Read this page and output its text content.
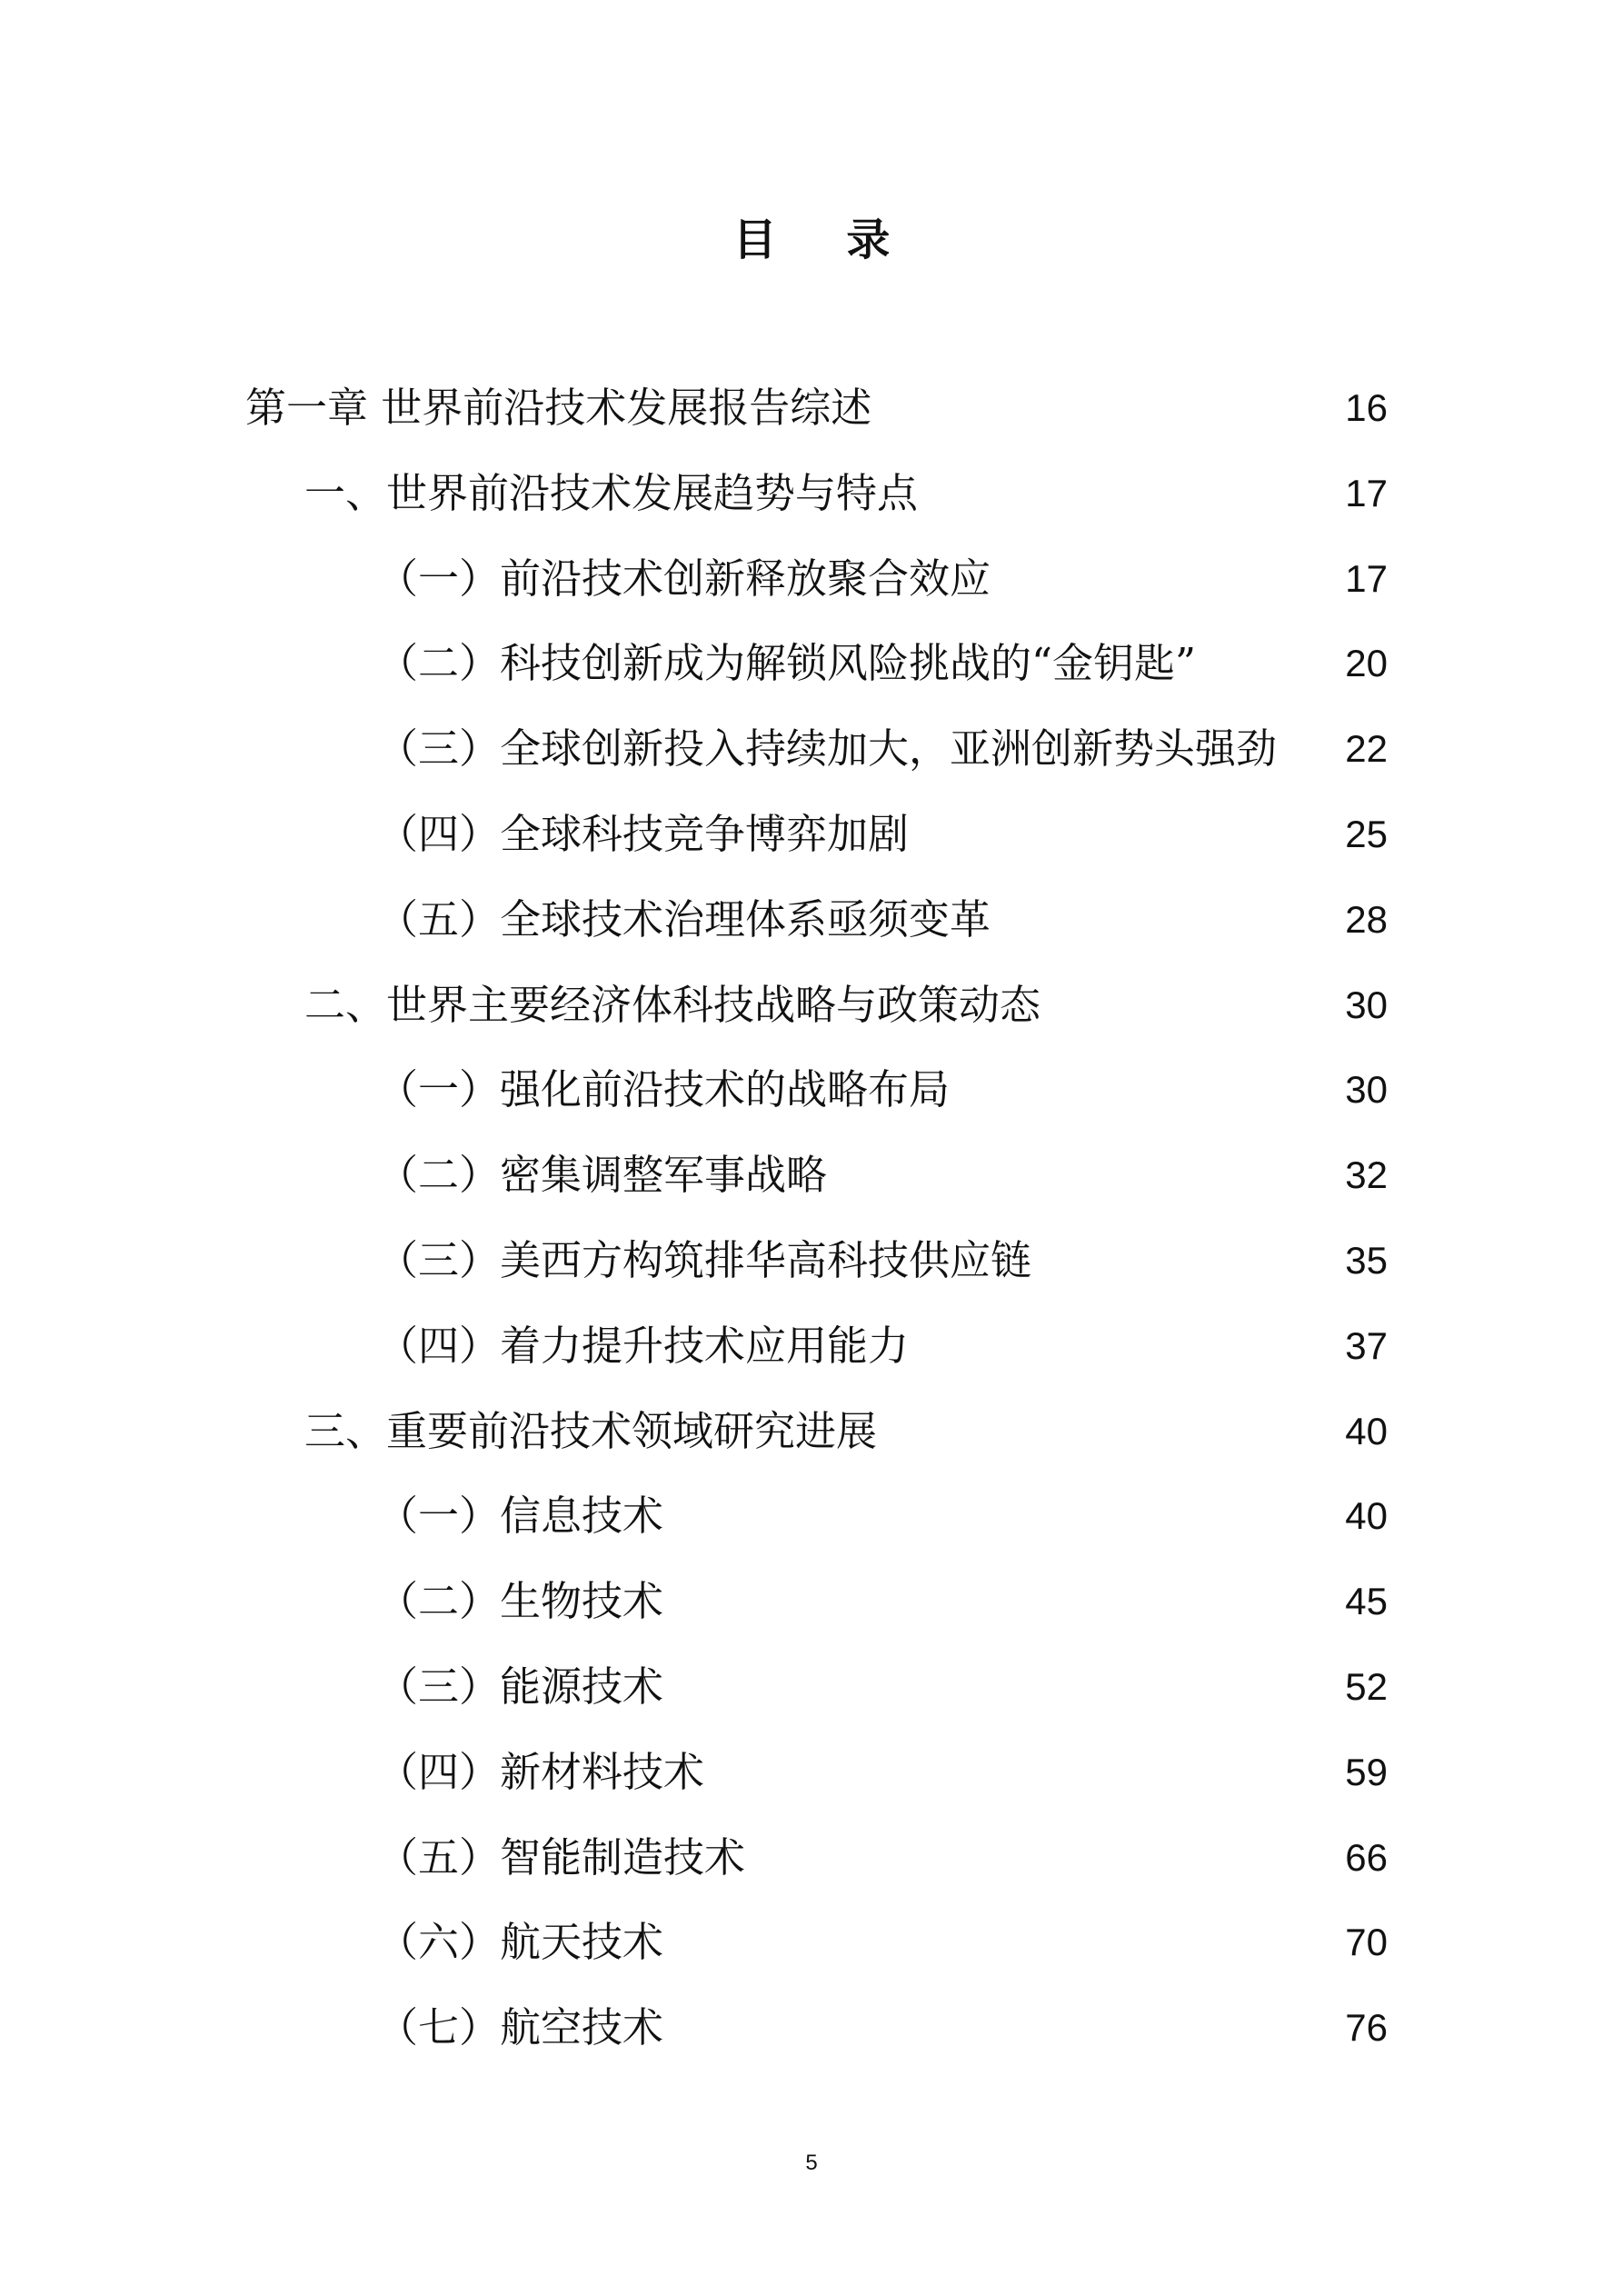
目 录
第一章 世界前沿技术发展报告综述	16
一、世界前沿技术发展趋势与特点	17
（一）前沿技术创新释放聚合效应	17
（二）科技创新成为解锁风险挑战的“金钥匙”	20
（三）全球创新投入持续加大，亚洲创新势头强劲 22
（四）全球科技竞争博弈加剧	25
（五）全球技术治理体系亟须变革	28
二、世界主要经济体科技战略与政策动态	30
（一）强化前沿技术的战略布局	30
（二）密集调整军事战略	32
（三）美西方构筑排华高科技供应链	35
（四）着力提升技术应用能力	37
三、重要前沿技术领域研究进展	40
（一）信息技术	40
（二）生物技术	45
（三）能源技术	52
（四）新材料技术	59
（五）智能制造技术	66
（六）航天技术	70
（七）航空技术	76
5
